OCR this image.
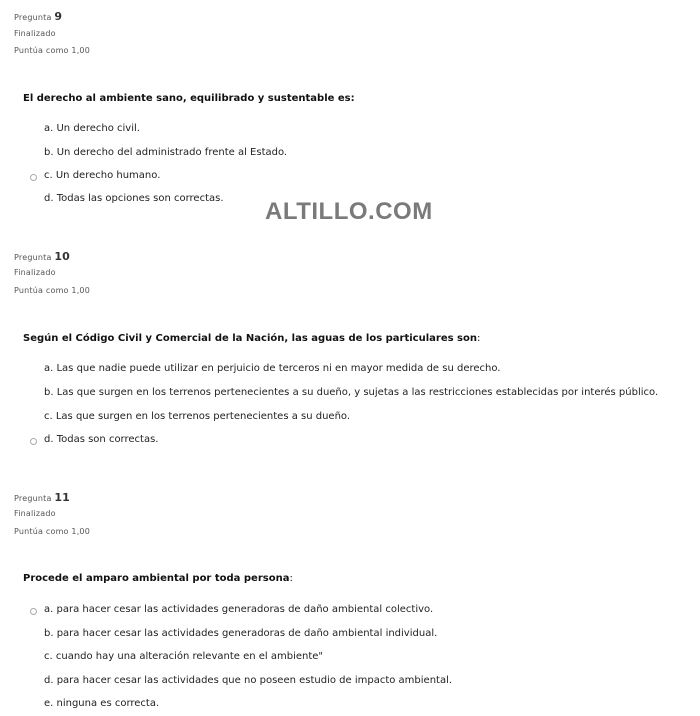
Pregunta 9
Finalizado
Puntúa como 1,00
El derecho al ambiente sano, equilibrado y sustentable es:
a. Un derecho civil.
b. Un derecho del administrado frente al Estado.
c. Un derecho humano.
d. Todas las opciones son correctas. ALTILLO.COM
Pregunta 10
Finalizado
Puntúa como 1,00
Según el Código Civil y Comercial de la Nación, las aguas de los particulares son:
a. Las que nadie puede utilizar en perjuicio de terceros ni en mayor medida de su derecho.
b. Las que surgen en los terrenos pertenecientes a su dueño, y sujetas a las restricciones establecidas por interés público.
c. Las que surgen en los terrenos pertenecientes a su dueño.
d. Todas son correctas.
Pregunta 11
Finalizado
Puntúa como 1,00
Procede el amparo ambiental por toda persona:
a. para hacer cesar las actividades generadoras de daño ambiental colectivo.
b. para hacer cesar las actividades generadoras de daño ambiental individual.
c. cuando hay una alteración relevante en el ambiente"
d. para hacer cesar las actividades que no poseen estudio de impacto ambiental.
e. ninguna es correcta.
